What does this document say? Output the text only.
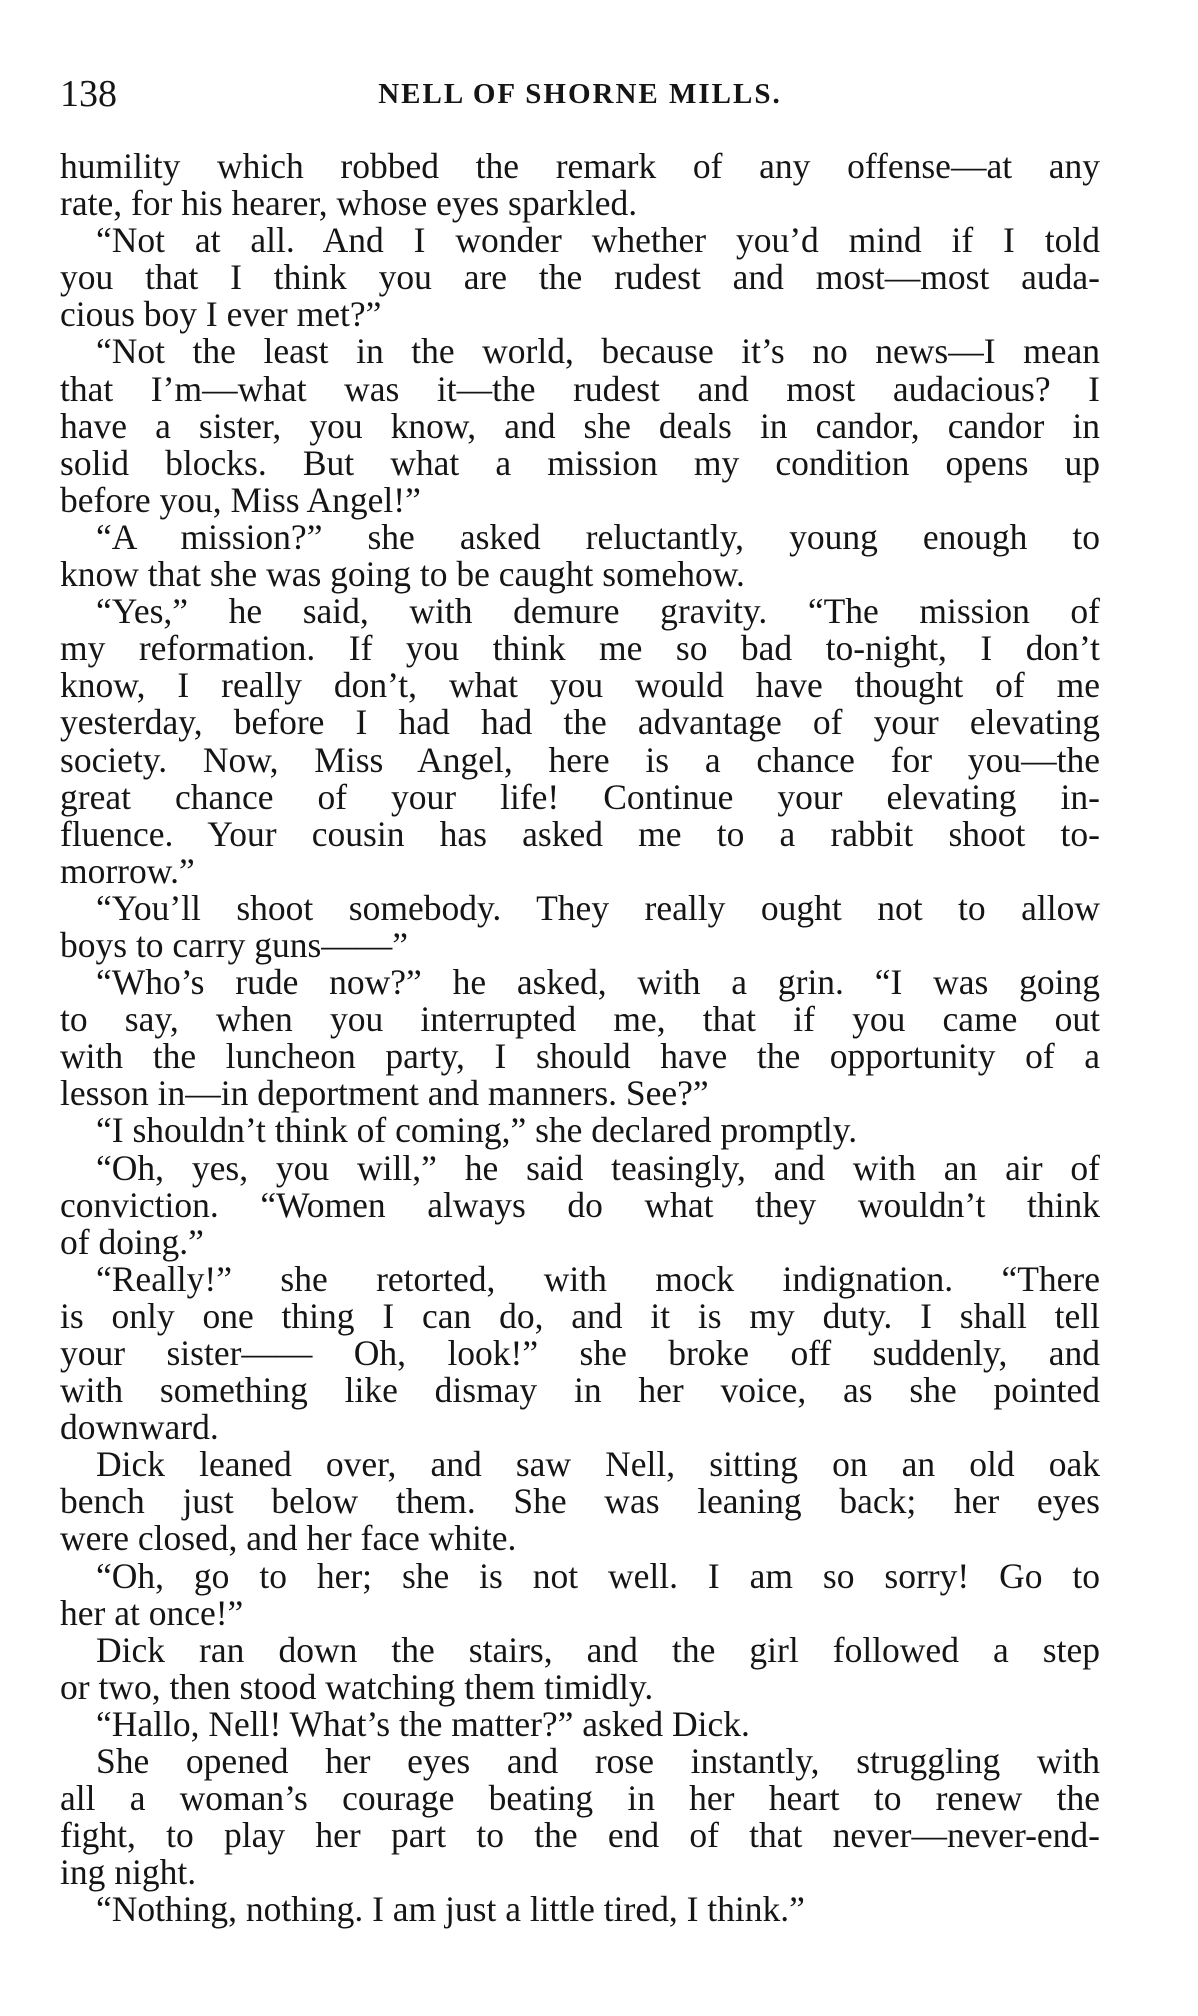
138	NELL OF SHORNE MILLS.
humility which robbed the remark of any offense—at any
rate, for his hearer, whose eyes sparkled.
“Not at all. And I wonder whether you’d mind if I told
you that I think you are the rudest and most—most auda-
cious boy I ever met?”
“Not the least in the world, because it’s no news—I mean
that I’m—what was it—the rudest and most audacious? I
have a sister, you know, and she deals in candor, candor in
solid blocks. But what a mission my condition opens up
before you, Miss Angel!”
“A mission?” she asked reluctantly, young enough to
know that she was going to be caught somehow.
“Yes,” he said, with demure gravity. “The mission of
my reformation. If you think me so bad to-night, I don’t
know, I really don’t, what you would have thought of me
yesterday, before I had had the advantage of your elevating
society. Now, Miss Angel, here is a chance for you—the
great chance of your life! Continue your elevating in-
fluence. Your cousin has asked me to a rabbit shoot to-
morrow.”
“You’ll shoot somebody. They really ought not to allow
boys to carry guns——”
“Who’s rude now?” he asked, with a grin. “I was going
to say, when you interrupted me, that if you came out
with the luncheon party, I should have the opportunity of a
lesson in—in deportment and manners. See?”
“I shouldn’t think of coming,” she declared promptly.
“Oh, yes, you will,” he said teasingly, and with an air of
conviction. “Women always do what they wouldn’t think
of doing.”
“Really!” she retorted, with mock indignation. “There
is only one thing I can do, and it is my duty. I shall tell
your sister—— Oh, look!” she broke off suddenly, and
with something like dismay in her voice, as she pointed
downward.
Dick leaned over, and saw Nell, sitting on an old oak
bench just below them. She was leaning back; her eyes
were closed, and her face white.
“Oh, go to her; she is not well. I am so sorry! Go to
her at once!”
Dick ran down the stairs, and the girl followed a step
or two, then stood watching them timidly.
“Hallo, Nell! What’s the matter?” asked Dick.
She opened her eyes and rose instantly, struggling with
all a woman’s courage beating in her heart to renew the
fight, to play her part to the end of that never—never-end-
ing night.
“Nothing, nothing. I am just a little tired, I think.”
